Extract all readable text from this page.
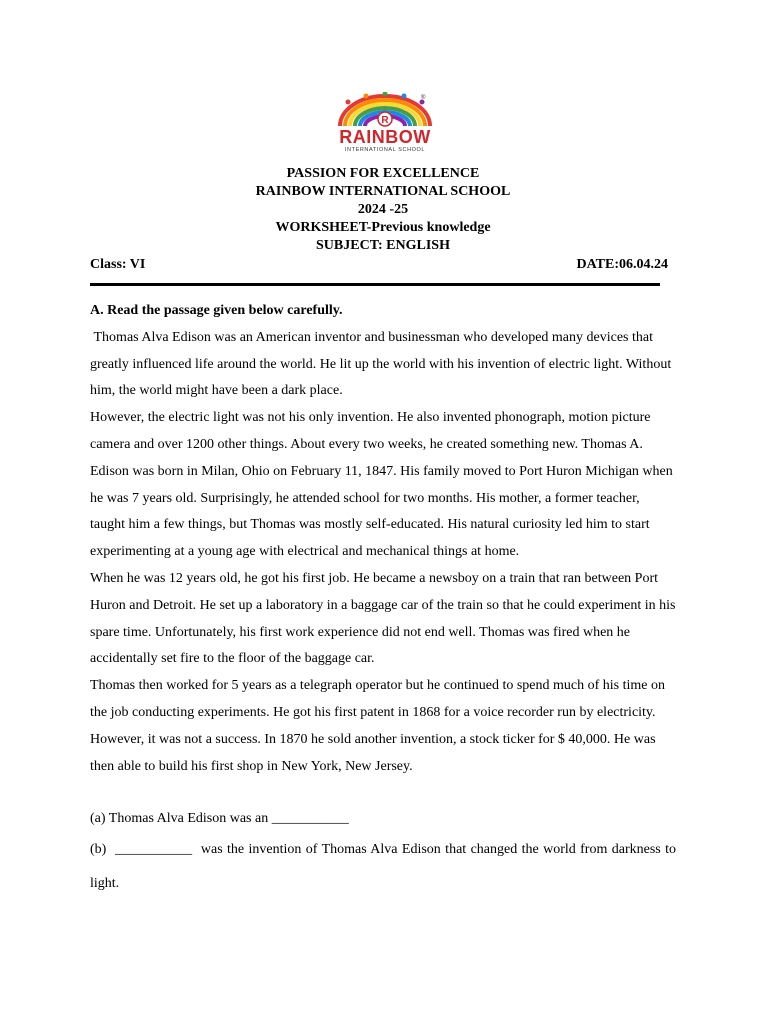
R
®
RAINBOW
INTERNATIONAL SCHOOL
PASSION FOR EXCELLENCE
RAINBOW INTERNATIONAL SCHOOL
2024 -25
WORKSHEET-Previous knowledge
SUBJECT: ENGLISH
Class: VI	DATE:06.04.24

A. Read the passage given below carefully.

Thomas Alva Edison was an American inventor and businessman who developed many devices that greatly influenced life around the world. He lit up the world with his invention of electric light. Without him, the world might have been a dark place.

However, the electric light was not his only invention. He also invented phonograph, motion picture camera and over 1200 other things. About every two weeks, he created something new. Thomas A. Edison was born in Milan, Ohio on February 11, 1847. His family moved to Port Huron Michigan when he was 7 years old. Surprisingly, he attended school for two months. His mother, a former teacher, taught him a few things, but Thomas was mostly self-educated. His natural curiosity led him to start experimenting at a young age with electrical and mechanical things at home.

When he was 12 years old, he got his first job. He became a newsboy on a train that ran between Port Huron and Detroit. He set up a laboratory in a baggage car of the train so that he could experiment in his spare time. Unfortunately, his first work experience did not end well. Thomas was fired when he accidentally set fire to the floor of the baggage car.

Thomas then worked for 5 years as a telegraph operator but he continued to spend much of his time on the job conducting experiments. He got his first patent in 1868 for a voice recorder run by electricity. However, it was not a success. In 1870 he sold another invention, a stock ticker for $ 40,000. He was then able to build his first shop in New York, New Jersey.

(a) Thomas Alva Edison was an ___________

(b)  ___________  was the invention of Thomas Alva Edison that changed the world from darkness to light.
